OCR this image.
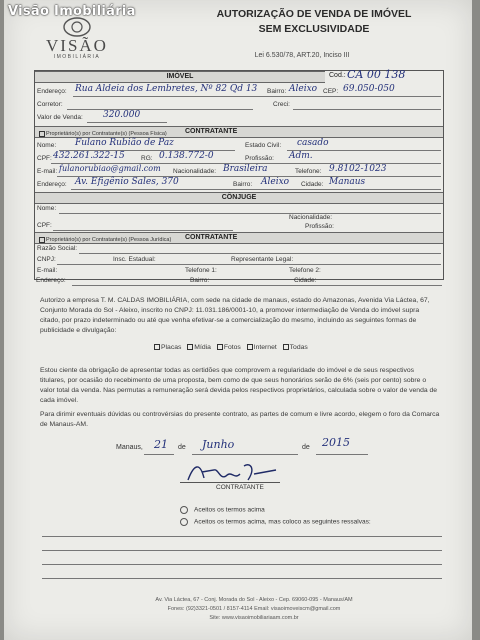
Visão Imobiliária
VISÃO
IMOBILIÁRIA
AUTORIZAÇÃO DE VENDA DE IMÓVEL
SEM EXCLUSIVIDADE
Lei 6.530/78, ART.20, Inciso III
IMÓVEL	Cod.: CA 00 138
Endereço: Rua Aldeia dos Lembretes, Nº 82 Qd 13 Bairro: Aleixo CEP: 69.050-050
Corretor:	Creci:
Valor de Venda: 320.000
Proprietário(s) por Contratante(s) (Pessoa Física)	CONTRATANTE
Nome: Fulano Rubião de Paz	Estado Civil: casado
CPF: 432.261.322-15	RG: 0.138.772-0	Profissão: Adm.
E-mail: fulanorubiao@gmail.com Nacionalidade: Brasileira	Telefone: 9.8102-1023
Endereço: Av. Efigênio Sales, 370	Bairro: Aleixo Cidade: Manaus
CÔNJUGE
Nome:
Nacionalidade:
CPF:	Profissão:
Proprietário(s) por Contratante(s) (Pessoa Jurídica) CONTRATANTE
Razão Social:
CNPJ:	Insc. Estadual:	Representante Legal:
E-mail:	Telefone 1:	Telefone 2:
Endereço:	Bairro:	Cidade:
Autorizo a empresa T. M. CALDAS IMOBILIÁRIA, com sede na cidade de manaus, estado do Amazonas, Avenida Via Láctea, 67, Conjunto Morada do Sol - Aleixo, inscrito no CNPJ: 11.031.186/0001-10, a promover intermediação de Venda do imóvel supra citado, por prazo indeterminado ou até que venha efetivar-se a comercialização do mesmo, incluindo as seguintes formas de publicidade e divulgação:
Placas Mídia Fotos Internet Todas
Estou ciente da obrigação de apresentar todas as certidões que comprovem a regularidade do imóvel e de seus respectivos titulares, por ocasião do recebimento de uma proposta, bem como de que seus honorários serão de 6% (seis por cento) sobre o valor total da venda. Nas permutas a remuneração será devida pelos respectivos proprietários, calculada sobre o valor de venda de cada imóvel.
Para dirimir eventuais dúvidas ou controvérsias do presente contrato, as partes de comum e livre acordo, elegem o foro da Comarca de Manaus-AM.
Manaus, 21 de Junho	de 2015
CONTRATANTE
Aceitos os termos acima
Aceitos os termos acima, mas coloco as seguintes ressalvas:
Av. Via Láctea, 67 - Conj. Morada do Sol - Aleixo - Cep. 69060-095 - Manaus/AM
Fones: (92)3321-0501 / 8157-4114 Email: visaoimoveiscm@gmail.com
Site: www.visaoimobiliariaam.com.br
